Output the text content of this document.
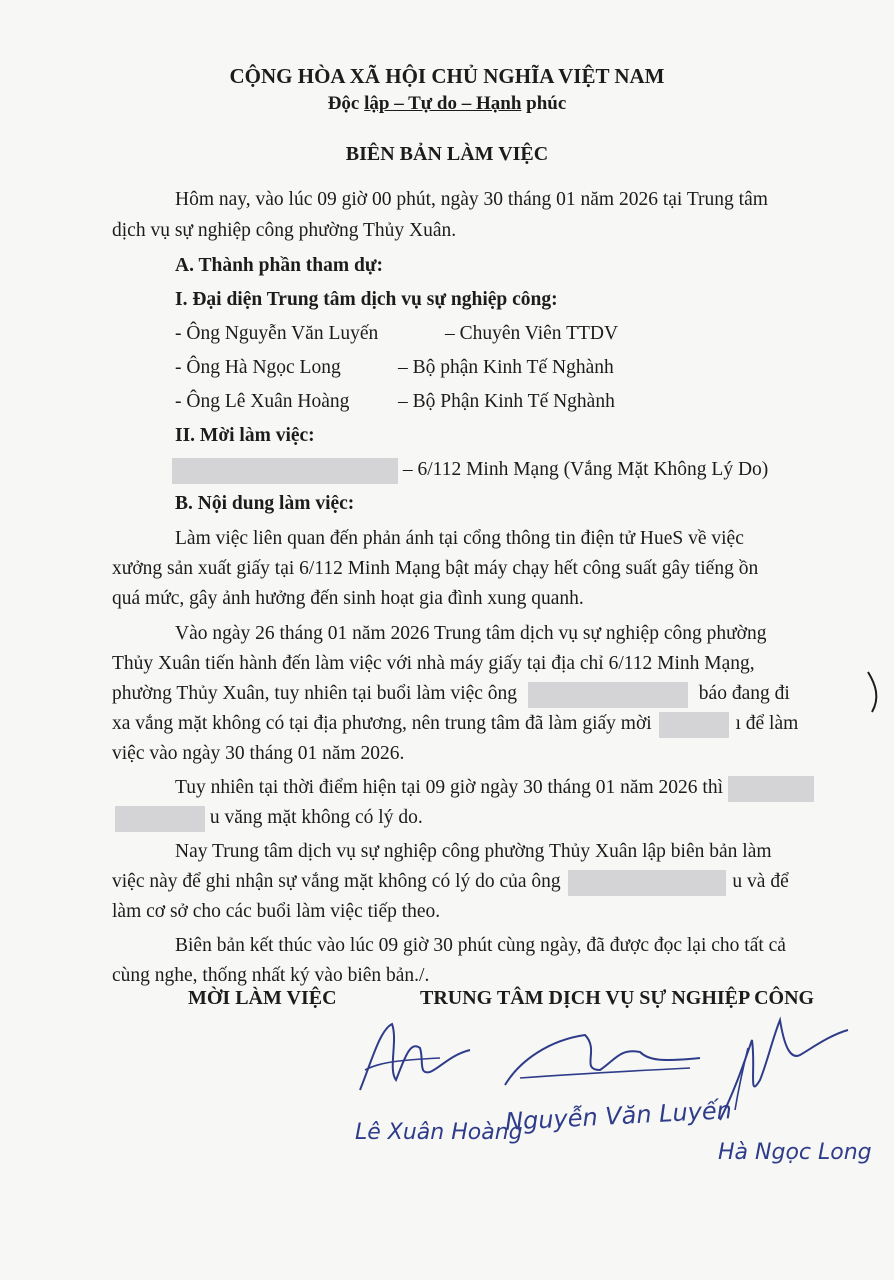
CỘNG HÒA XÃ HỘI CHỦ NGHĨA VIỆT NAM
Độc lập – Tự do – Hạnh phúc
BIÊN BẢN LÀM VIỆC
Hôm nay, vào lúc 09 giờ 00 phút, ngày 30 tháng 01 năm 2026 tại Trung tâm
dịch vụ sự nghiệp công phường Thủy Xuân.
A. Thành phần tham dự:
I. Đại diện Trung tâm dịch vụ sự nghiệp công:
- Ông Nguyễn Văn Luyến	– Chuyên Viên TTDV
- Ông Hà Ngọc Long	– Bộ phận Kinh Tế Nghành
- Ông Lê Xuân Hoàng – Bộ Phận Kinh Tế Nghành
II. Mời làm việc:
– 6/112 Minh Mạng (Vắng Mặt Không Lý Do)
B. Nội dung làm việc:
Làm việc liên quan đến phản ánh tại cổng thông tin điện tử HueS về việc
xưởng sản xuất giấy tại 6/112 Minh Mạng bật máy chạy hết công suất gây tiếng ồn
quá mức, gây ảnh hưởng đến sinh hoạt gia đình xung quanh.
Vào ngày 26 tháng 01 năm 2026 Trung tâm dịch vụ sự nghiệp công phường
Thủy Xuân tiến hành đến làm việc với nhà máy giấy tại địa chỉ 6/112 Minh Mạng,
phường Thủy Xuân, tuy nhiên tại buổi làm việc ông	báo đang đi
xa vắng mặt không có tại địa phương, nên trung tâm đã làm giấy mời	ı để làm
việc vào ngày 30 tháng 01 năm 2026.
Tuy nhiên tại thời điểm hiện tại 09 giờ ngày 30 tháng 01 năm 2026 thì
u văng mặt không có lý do.
Nay Trung tâm dịch vụ sự nghiệp công phường Thủy Xuân lập biên bản làm
việc này để ghi nhận sự vắng mặt không có lý do của ông	u và để
làm cơ sở cho các buổi làm việc tiếp theo.
Biên bản kết thúc vào lúc 09 giờ 30 phút cùng ngày, đã được đọc lại cho tất cả
cùng nghe, thống nhất ký vào biên bản./.
MỜI LÀM VIỆC	TRUNG TÂM DỊCH VỤ SỰ NGHIỆP CÔNG
Lê Xuân Hoàng
Nguyễn Văn Luyến
Hà Ngọc Long
